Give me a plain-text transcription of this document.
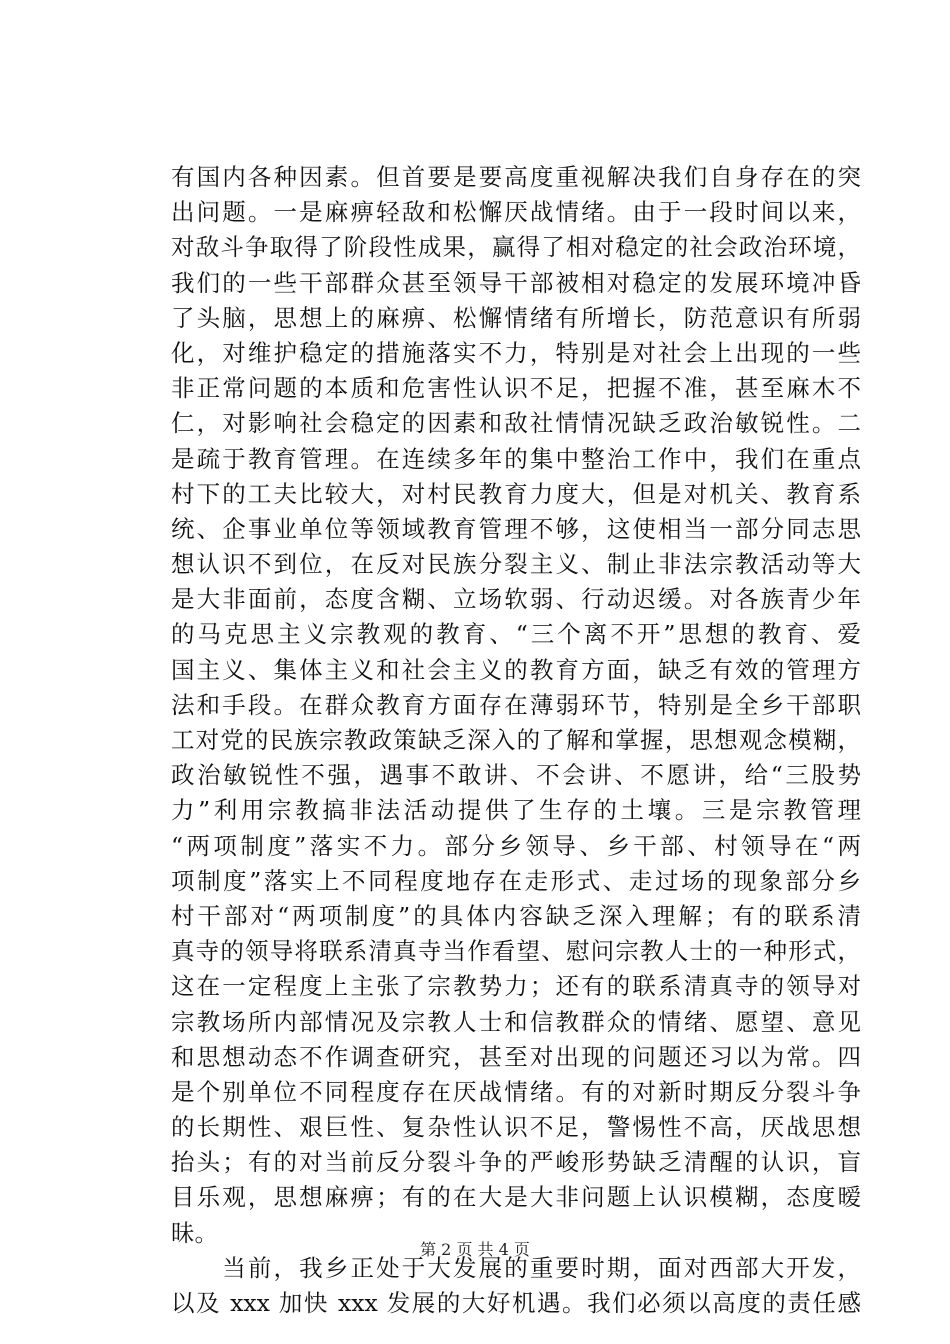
有国内各种因素。但首要是要高度重视解决我们自身存在的突
出问题。一是麻痹轻敌和松懈厌战情绪。由于一段时间以来，
对敌斗争取得了阶段性成果，赢得了相对稳定的社会政治环境，
我们的一些干部群众甚至领导干部被相对稳定的发展环境冲昏
了头脑，思想上的麻痹、松懈情绪有所增长，防范意识有所弱
化，对维护稳定的措施落实不力，特别是对社会上出现的一些
非正常问题的本质和危害性认识不足，把握不准，甚至麻木不
仁，对影响社会稳定的因素和敌社情情况缺乏政治敏锐性。二
是疏于教育管理。在连续多年的集中整治工作中，我们在重点
村下的工夫比较大，对村民教育力度大，但是对机关、教育系
统、企事业单位等领域教育管理不够，这使相当一部分同志思
想认识不到位，在反对民族分裂主义、制止非法宗教活动等大
是大非面前，态度含糊、立场软弱、行动迟缓。对各族青少年
的马克思主义宗教观的教育、“三个离不开”思想的教育、爱
国主义、集体主义和社会主义的教育方面，缺乏有效的管理方
法和手段。在群众教育方面存在薄弱环节，特别是全乡干部职
工对党的民族宗教政策缺乏深入的了解和掌握，思想观念模糊，
政治敏锐性不强，遇事不敢讲、不会讲、不愿讲，给“三股势
力”利用宗教搞非法活动提供了生存的土壤。三是宗教管理
“两项制度”落实不力。部分乡领导、乡干部、村领导在“两
项制度”落实上不同程度地存在走形式、走过场的现象部分乡
村干部对“两项制度”的具体内容缺乏深入理解；有的联系清
真寺的领导将联系清真寺当作看望、慰问宗教人士的一种形式，
这在一定程度上主张了宗教势力；还有的联系清真寺的领导对
宗教场所内部情况及宗教人士和信教群众的情绪、愿望、意见
和思想动态不作调查研究，甚至对出现的问题还习以为常。四
是个别单位不同程度存在厌战情绪。有的对新时期反分裂斗争
的长期性、艰巨性、复杂性认识不足，警惕性不高，厌战思想
抬头；有的对当前反分裂斗争的严峻形势缺乏清醒的认识，盲
目乐观，思想麻痹；有的在大是大非问题上认识模糊，态度暧
昧。
　　当前，我乡正处于大发展的重要时期，面对西部大开发，
以及 xxx 加快 xxx 发展的大好机遇。我们必须以高度的责任感
第 2 页 共 4 页
